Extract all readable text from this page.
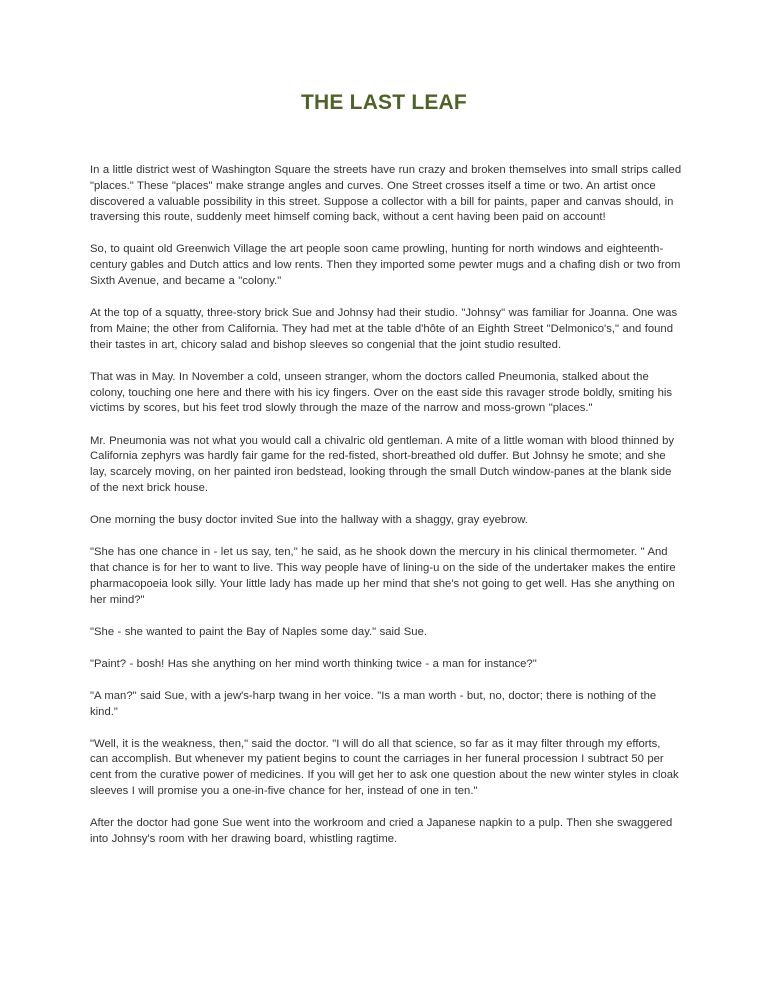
THE LAST LEAF

In a little district west of Washington Square the streets have run crazy and broken themselves into small strips called "places." These "places" make strange angles and curves. One Street crosses itself a time or two. An artist once discovered a valuable possibility in this street. Suppose a collector with a bill for paints, paper and canvas should, in traversing this route, suddenly meet himself coming back, without a cent having been paid on account!

So, to quaint old Greenwich Village the art people soon came prowling, hunting for north windows and eighteenth-century gables and Dutch attics and low rents. Then they imported some pewter mugs and a chafing dish or two from Sixth Avenue, and became a "colony."

At the top of a squatty, three-story brick Sue and Johnsy had their studio. "Johnsy" was familiar for Joanna. One was from Maine; the other from California. They had met at the table d'hôte of an Eighth Street "Delmonico's," and found their tastes in art, chicory salad and bishop sleeves so congenial that the joint studio resulted.

That was in May. In November a cold, unseen stranger, whom the doctors called Pneumonia, stalked about the colony, touching one here and there with his icy fingers. Over on the east side this ravager strode boldly, smiting his victims by scores, but his feet trod slowly through the maze of the narrow and moss-grown "places."

Mr. Pneumonia was not what you would call a chivalric old gentleman. A mite of a little woman with blood thinned by California zephyrs was hardly fair game for the red-fisted, short-breathed old duffer. But Johnsy he smote; and she lay, scarcely moving, on her painted iron bedstead, looking through the small Dutch window-panes at the blank side of the next brick house.

One morning the busy doctor invited Sue into the hallway with a shaggy, gray eyebrow.

"She has one chance in - let us say, ten," he said, as he shook down the mercury in his clinical thermometer. " And that chance is for her to want to live. This way people have of lining-u on the side of the undertaker makes the entire pharmacopoeia look silly. Your little lady has made up her mind that she's not going to get well. Has she anything on her mind?"

"She - she wanted to paint the Bay of Naples some day." said Sue.

"Paint? - bosh! Has she anything on her mind worth thinking twice - a man for instance?"

"A man?" said Sue, with a jew's-harp twang in her voice. "Is a man worth - but, no, doctor; there is nothing of the kind."

"Well, it is the weakness, then," said the doctor. "I will do all that science, so far as it may filter through my efforts, can accomplish. But whenever my patient begins to count the carriages in her funeral procession I subtract 50 per cent from the curative power of medicines. If you will get her to ask one question about the new winter styles in cloak sleeves I will promise you a one-in-five chance for her, instead of one in ten."

After the doctor had gone Sue went into the workroom and cried a Japanese napkin to a pulp. Then she swaggered into Johnsy's room with her drawing board, whistling ragtime.
